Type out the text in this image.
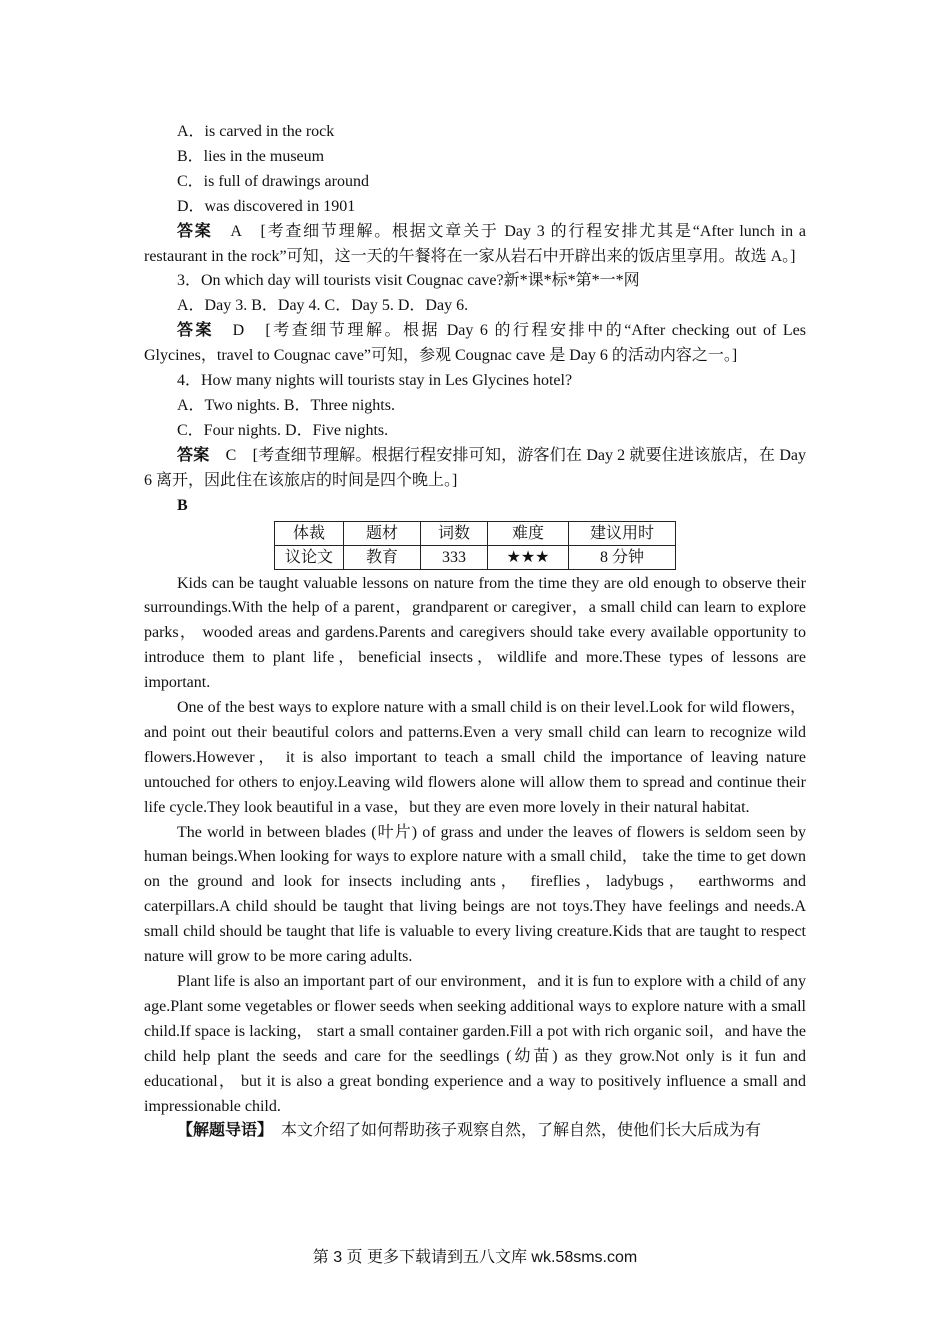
A．is carved in the rock

B．lies in the museum

C．is full of drawings around

D．was discovered in 1901

答案　A　[考查细节理解。根据文章关于 Day 3 的行程安排尤其是“After lunch in a restaurant in the rock”可知，这一天的午餐将在一家从岩石中开辟出来的饭店里享用。故选 A。]

3．On which day will tourists visit Cougnac cave?新*课*标*第*一*网

A．Day 3. B．Day 4. C．Day 5. D．Day 6.

答案　D　[考查细节理解。根据 Day 6 的行程安排中的“After checking out of Les Glycines，travel to Cougnac cave”可知，参观 Cougnac cave 是 Day 6 的活动内容之一。]

4．How many nights will tourists stay in Les Glycines hotel?

A．Two nights. B．Three nights.

C．Four nights. D．Five nights.

答案　C　[考查细节理解。根据行程安排可知，游客们在 Day 2 就要住进该旅店，在 Day 6 离开，因此住在该旅店的时间是四个晚上。]

B

体裁	题材	词数	难度	建议用时
议论文	教育	333	★★★	8 分钟

Kids can be taught valuable lessons on nature from the time they are old enough to observe their surroundings.With the help of a parent，grandparent or caregiver，a small child can learn to explore parks， wooded areas and gardens.Parents and caregivers should take every available opportunity to introduce them to plant life，beneficial insects，wildlife and more.These types of lessons are important.

One of the best ways to explore nature with a small child is on their level.Look for wild flowers， and point out their beautiful colors and patterns.Even a very small child can learn to recognize wild flowers.However， it is also important to teach a small child the importance of leaving nature untouched for others to enjoy.Leaving wild flowers alone will allow them to spread and continue their life cycle.They look beautiful in a vase，but they are even more lovely in their natural habitat.

The world in between blades (叶片) of grass and under the leaves of flowers is seldom seen by human beings.When looking for ways to explore nature with a small child， take the time to get down on the ground and look for insects including ants， fireflies，ladybugs， earthworms and caterpillars.A child should be taught that living beings are not toys.They have feelings and needs.A small child should be taught that life is valuable to every living creature.Kids that are taught to respect nature will grow to be more caring adults.

Plant life is also an important part of our environment，and it is fun to explore with a child of any age.Plant some vegetables or flower seeds when seeking additional ways to explore nature with a small child.If space is lacking， start a small container garden.Fill a pot with rich organic soil，and have the child help plant the seeds and care for the seedlings (幼苗) as they grow.Not only is it fun and educational， but it is also a great bonding experience and a way to positively influence a small and impressionable child.

【解题导语】　本文介绍了如何帮助孩子观察自然，了解自然，使他们长大后成为有

第 3 页 更多下载请到五八文库 wk.58sms.com
